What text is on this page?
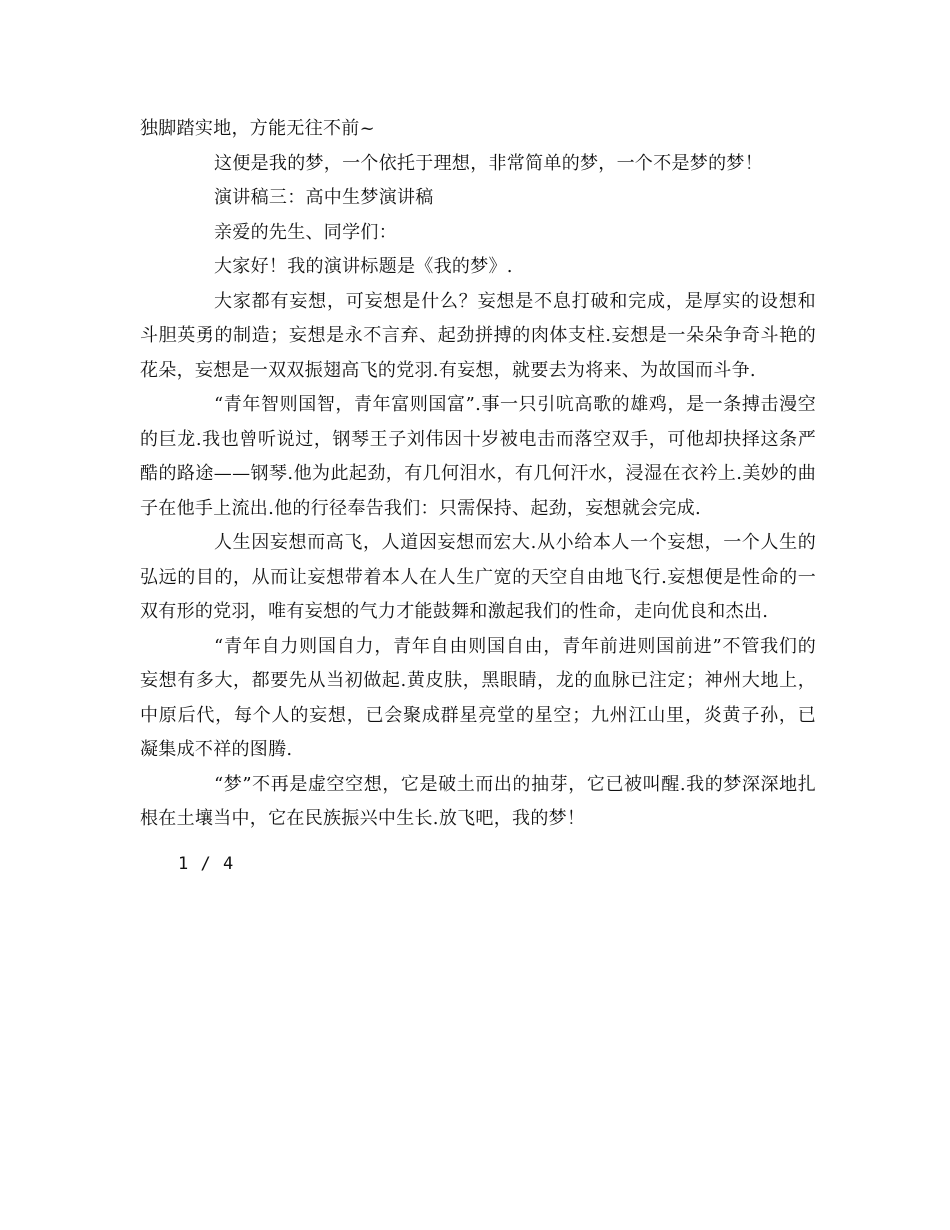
独脚踏实地，方能无往不前~

这便是我的梦，一个依托于理想，非常简单的梦，一个不是梦的梦！

演讲稿三：高中生梦演讲稿

亲爱的先生、同学们：

大家好！我的演讲标题是《我的梦》.

大家都有妄想，可妄想是什么？妄想是不息打破和完成，是厚实的设想和斗胆英勇的制造；妄想是永不言弃、起劲拼搏的肉体支柱.妄想是一朵朵争奇斗艳的花朵，妄想是一双双振翅高飞的党羽.有妄想，就要去为将来、为故国而斗争.

“青年智则国智，青年富则国富”.事一只引吭高歌的雄鸡，是一条搏击漫空的巨龙.我也曾听说过，钢琴王子刘伟因十岁被电击而落空双手，可他却抉择这条严酷的路途——钢琴.他为此起劲，有几何泪水，有几何汗水，浸湿在衣衿上.美妙的曲子在他手上流出.他的行径奉告我们：只需保持、起劲，妄想就会完成.

人生因妄想而高飞，人道因妄想而宏大.从小给本人一个妄想，一个人生的弘远的目的，从而让妄想带着本人在人生广宽的天空自由地飞行.妄想便是性命的一双有形的党羽，唯有妄想的气力才能鼓舞和激起我们的性命，走向优良和杰出.

“青年自力则国自力，青年自由则国自由，青年前进则国前进”不管我们的妄想有多大，都要先从当初做起.黄皮肤，黑眼睛，龙的血脉已注定；神州大地上，中原后代，每个人的妄想，已会聚成群星亮堂的星空；九州江山里，炎黄子孙，已凝集成不祥的图腾.

“梦”不再是虚空空想，它是破土而出的抽芽，它已被叫醒.我的梦深深地扎根在土壤当中，它在民族振兴中生长.放飞吧，我的梦！

1 / 4
